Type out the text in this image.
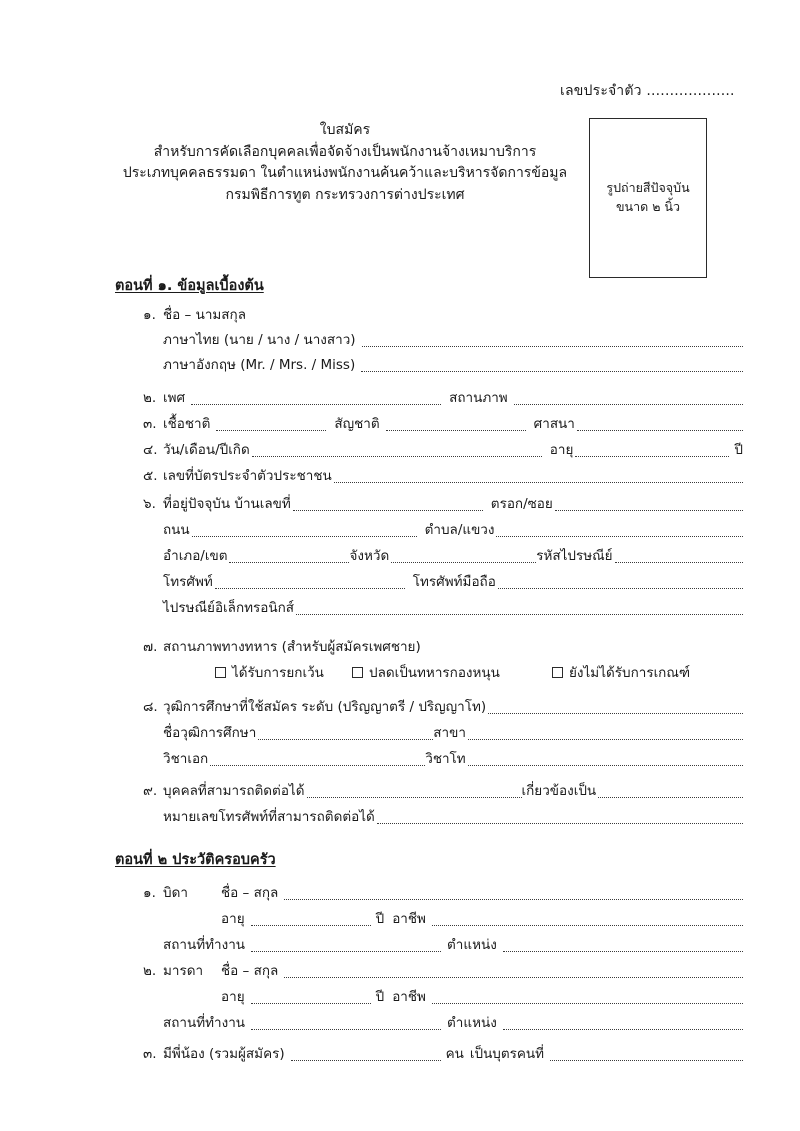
เลขประจำตัว ...................
ใบสมัคร
สำหรับการคัดเลือกบุคคลเพื่อจัดจ้างเป็นพนักงานจ้างเหมาบริการ
ประเภทบุคคลธรรมดา ในตำแหน่งพนักงานค้นคว้าและบริหารจัดการข้อมูล
กรมพิธีการทูต กระทรวงการต่างประเทศ	รูปถ่ายสีปัจจุบัน
ขนาด ๒ นิ้ว
ตอนที่ ๑. ข้อมูลเบื้องต้น
๑. ชื่อ – นามสกุล
ภาษาไทย (นาย / นาง / นางสาว)
ภาษาอังกฤษ (Mr. / Mrs. / Miss)
๒. เพศ	สถานภาพ
๓. เชื้อชาติ	สัญชาติ	ศาสนา
๔. วัน/เดือน/ปีเกิด	อายุ	ปี
๕. เลขที่บัตรประจำตัวประชาชน
๖. ที่อยู่ปัจจุบัน บ้านเลขที่	ตรอก/ซอย
ถนน	ตำบล/แขวง
อำเภอ/เขต	จังหวัด	รหัสไปรษณีย์
โทรศัพท์	โทรศัพท์มือถือ
ไปรษณีย์อิเล็กทรอนิกส์
๗. สถานภาพทางทหาร (สำหรับผู้สมัครเพศชาย)
ได้รับการยกเว้น	ปลดเป็นทหารกองหนุน	ยังไม่ได้รับการเกณฑ์
๘. วุฒิการศึกษาที่ใช้สมัคร ระดับ (ปริญญาตรี / ปริญญาโท)
ชื่อวุฒิการศึกษา	สาขา
วิชาเอก	วิชาโท
๙. บุคคลที่สามารถติดต่อได้	เกี่ยวข้องเป็น
หมายเลขโทรศัพท์ที่สามารถติดต่อได้
ตอนที่ ๒ ประวัติครอบครัว
๑. บิดา	ชื่อ – สกุล
อายุ	ปี อาชีพ
สถานที่ทำงาน	ตำแหน่ง
๒. มารดา	ชื่อ – สกุล
อายุ	ปี อาชีพ
สถานที่ทำงาน	ตำแหน่ง
๓. มีพี่น้อง (รวมผู้สมัคร)	คน เป็นบุตรคนที่
